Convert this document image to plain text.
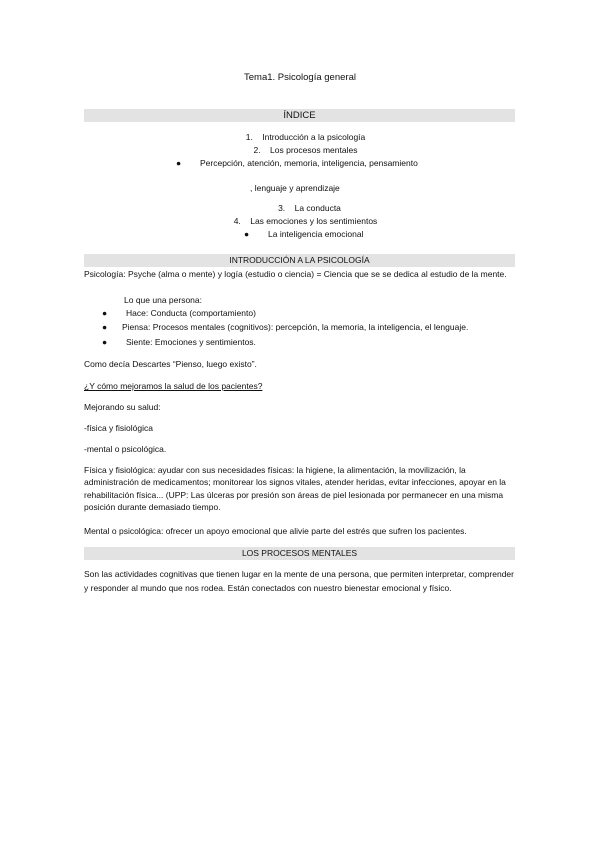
Tema1. Psicología general
ÍNDICE
1.    Introducción a la psicología
2.    Los procesos mentales
● Percepción, atención, memoria, inteligencia, pensamiento
, lenguaje y aprendizaje
3.    La conducta
4.    Las emociones y los sentimientos
● La inteligencia emocional
INTRODUCCIÓN A LA PSICOLOGÍA
Psicología: Psyche (alma o mente) y logía (estudio o ciencia) = Ciencia que se se dedica al estudio de la mente.
Lo que una persona:
● Hace: Conducta (comportamiento)
● Piensa: Procesos mentales (cognitivos): percepción, la memoria, la inteligencia, el lenguaje.
● Siente: Emociones y sentimientos.
Como decía Descartes “Pienso, luego existo”.
¿Y cómo mejoramos la salud de los pacientes?
Mejorando su salud:
-física y fisiológica
-mental o psicológica.
Física y fisiológica: ayudar con sus necesidades físicas: la higiene, la alimentación, la movilización, la administración de medicamentos; monitorear los signos vitales, atender heridas, evitar infecciones, apoyar en la rehabilitación física... (UPP: Las úlceras por presión son áreas de piel lesionada por permanecer en una misma posición durante demasiado tiempo.
Mental o psicológica: ofrecer un apoyo emocional que alivie parte del estrés que sufren los pacientes.
LOS PROCESOS MENTALES
Son las actividades cognitivas que tienen lugar en la mente de una persona, que permiten interpretar, comprender y responder al mundo que nos rodea. Están conectados con nuestro bienestar emocional y físico.
